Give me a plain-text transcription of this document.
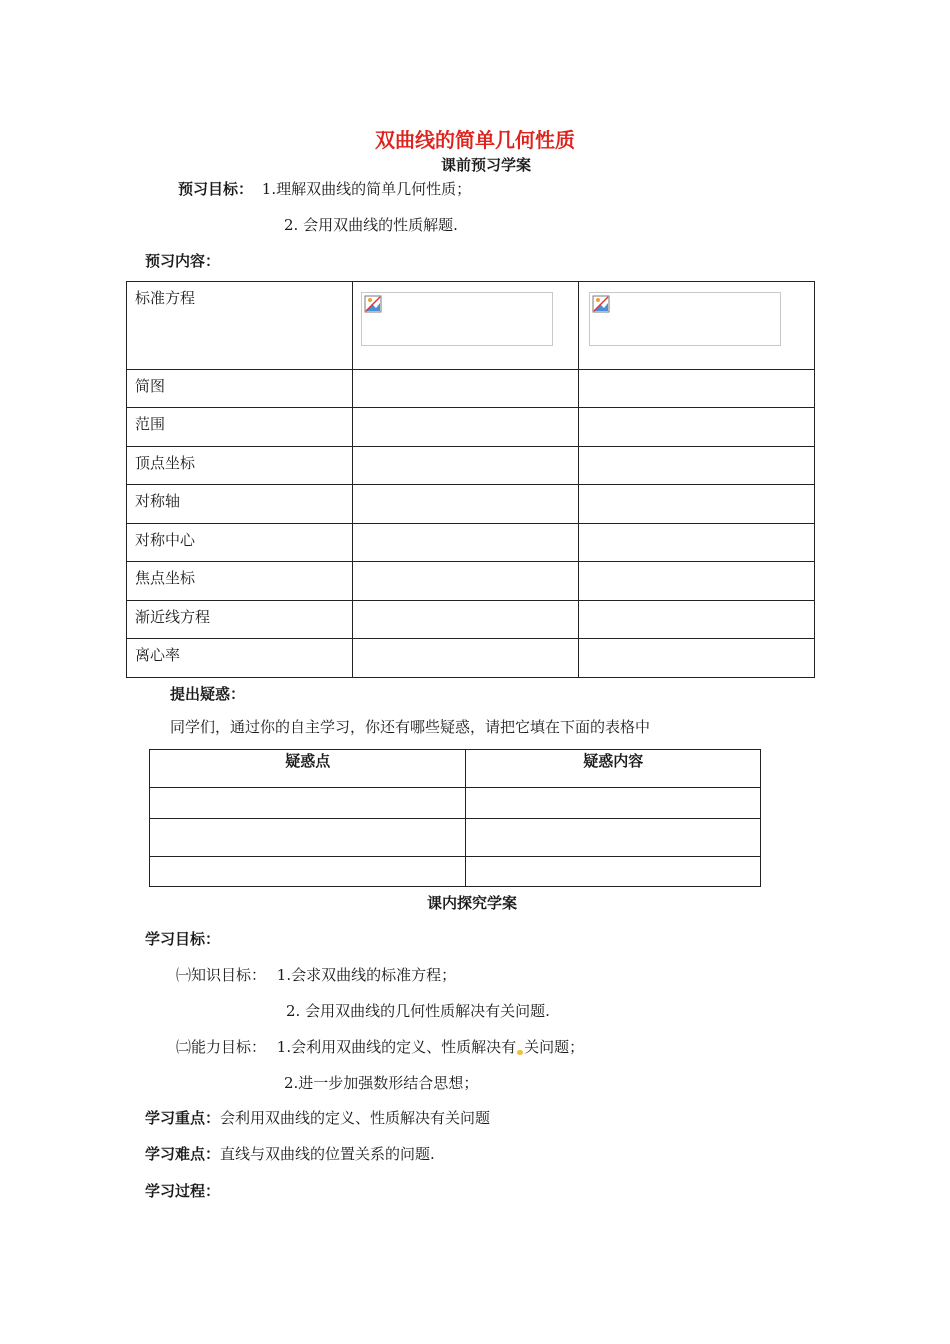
双曲线的简单几何性质
课前预习学案
预习目标： 1.理解双曲线的简单几何性质；
2. 会用双曲线的性质解题.
预习内容：
标准方程

简图		

范围		

顶点坐标		

对称轴		

对称中心		

焦点坐标		

渐近线方程		

离心率		

提出疑惑：
同学们，通过你的自主学习，你还有哪些疑惑，请把它填在下面的表格中
疑惑点	疑惑内容

课内探究学案
学习目标：
㈠知识目标： 1.会求双曲线的标准方程；
2. 会用双曲线的几何性质解决有关问题.
㈡能力目标： 1.会利用双曲线的定义、性质解决有 关问题；
2.进一步加强数形结合思想；
学习重点：会利用双曲线的定义、性质解决有关问题
学习难点：直线与双曲线的位置关系的问题.
学习过程：
